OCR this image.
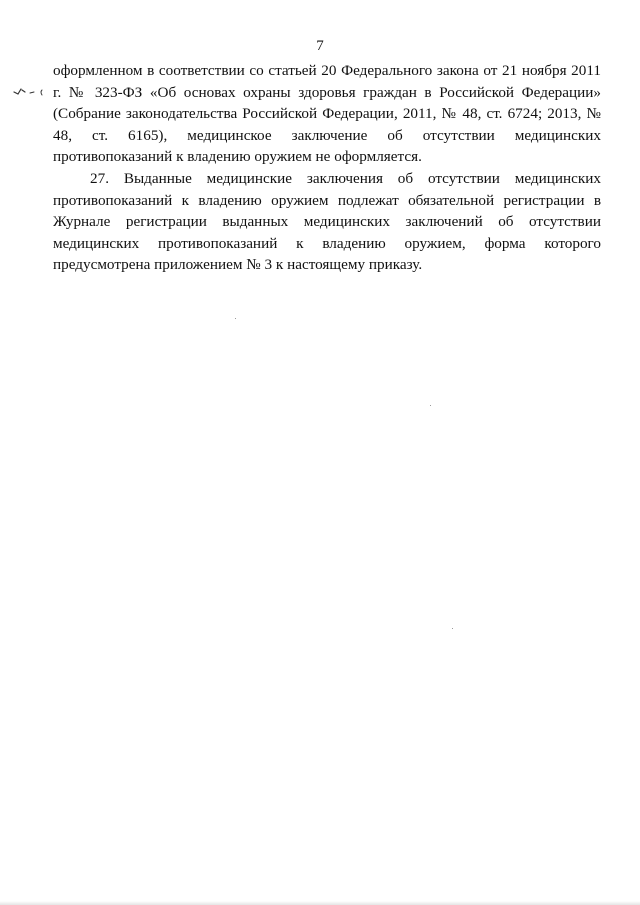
7

оформленном в соответствии со статьей 20 Федерального закона от 21 ноября 2011 г. № 323-ФЗ «Об основах охраны здоровья граждан в Российской Федерации» (Собрание законодательства Российской Федерации, 2011, № 48, ст. 6724; 2013, № 48, ст. 6165), медицинское заключение об отсутствии медицинских противопоказаний к владению оружием не оформляется.

27. Выданные медицинские заключения об отсутствии медицинских противопоказаний к владению оружием подлежат обязательной регистрации в Журнале регистрации выданных медицинских заключений об отсутствии медицинских противопоказаний к владению оружием, форма которого предусмотрена приложением № 3 к настоящему приказу.
